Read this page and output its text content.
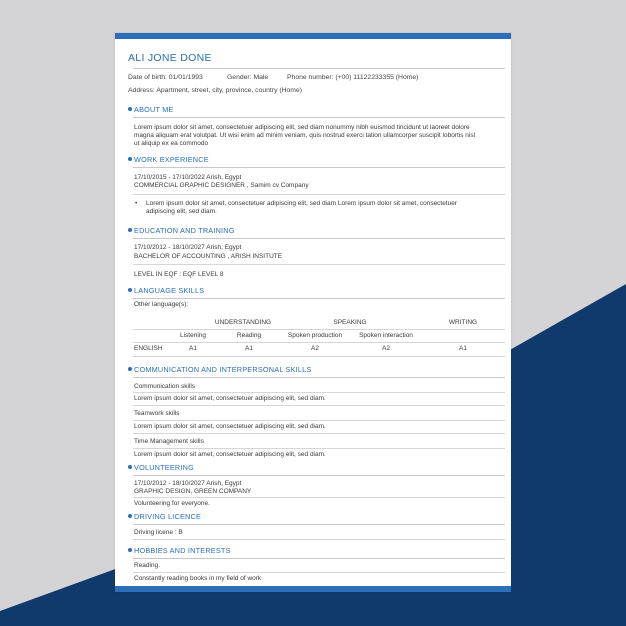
ALI JONE DONE
Date of birth: 01/01/1993	Gender: Male	Phone number: (+00) 11122233355 (Home)
Address: Apartment, street, city, province, country (Home)
ABOUT ME
Lorem ipsum dolor sit amet, consectetuer adipiscing elit, sed diam nonummy nibh euismod tincidunt ut laoreet dolore
magna aliquam erat volutpat. Ut wisi enim ad minim veniam, quis nostrud exerci tation ullamcorper suscipit lobortis nisl
ut aliquip ex ea commodo
WORK EXPERIENCE
17/10/2015 - 17/10/2022 Arish, Egypt
COMMERCIAL GRAPHIC DESIGNER , Samim cv Company
• Lorem ipsum dolor sit amet, consectetuer adipiscing elit, sed diam Lorem ipsum dolor sit amet, consectetuer
adipiscing elit, sed diam.
EDUCATION AND TRAINING
17/10/2012 - 18/10/2027 Arish, Egypt
BACHELOR OF ACCOUNTING , ARISH INSITUTE
LEVEL IN EQF : EQF LEVEL 8
LANGUAGE SKILLS
Other language(s):
UNDERSTANDING	SPEAKING	WRITING
Listening	Reading	Spoken production	Spoken interaction
ENGLISH	A1	A1	A2	A2	A1
COMMUNICATION AND INTERPERSONAL SKILLS
Communication skills
Lorem ipsum dolor sit amet, consectetuer adipiscing elit, sed diam.
Teamwork skills
Lorem ipsum dolor sit amet, consectetuer adipiscing elit, sed diam.
Time Management skills
Lorem ipsum dolor sit amet, consectetuer adipiscing elit, sed diam.
VOLUNTEERING
17/10/2012 - 18/10/2027 Arish, Egypt
GRAPHIC DESIGN, GREEN COMPANY
Volunteering for everyone.
DRIVING LICENCE
Driving licene : B
HOBBIES AND INTERESTS
Reading.
Constantly reading books in my field of work
